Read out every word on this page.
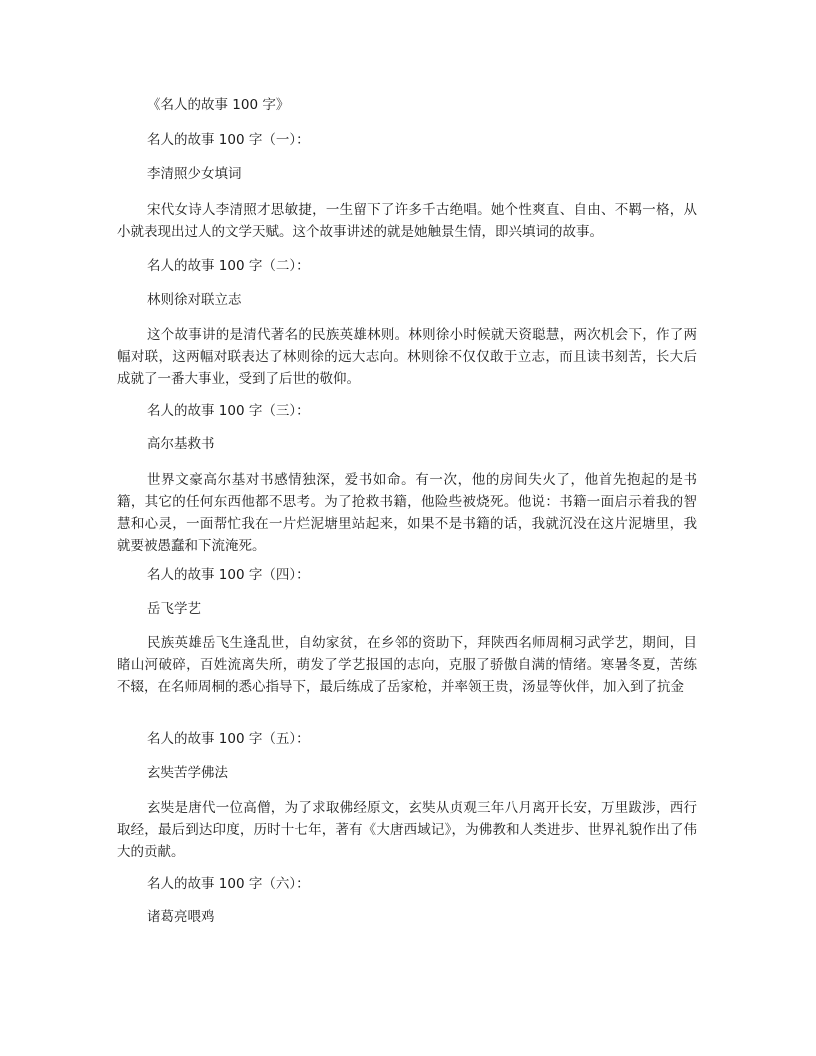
《名人的故事 100 字》
名人的故事 100 字（一）：
李清照少女填词
宋代女诗人李清照才思敏捷，一生留下了许多千古绝唱。她个性爽直、自由、不羁一格，从小就表现出过人的文学天赋。这个故事讲述的就是她触景生情，即兴填词的故事。
名人的故事 100 字（二）：
林则徐对联立志
这个故事讲的是清代著名的民族英雄林则。林则徐小时候就天资聪慧，两次机会下，作了两幅对联，这两幅对联表达了林则徐的远大志向。林则徐不仅仅敢于立志，而且读书刻苦，长大后成就了一番大事业，受到了后世的敬仰。
名人的故事 100 字（三）：
高尔基救书
世界文豪高尔基对书感情独深，爱书如命。有一次，他的房间失火了，他首先抱起的是书籍，其它的任何东西他都不思考。为了抢救书籍，他险些被烧死。他说：书籍一面启示着我的智慧和心灵，一面帮忙我在一片烂泥塘里站起来，如果不是书籍的话，我就沉没在这片泥塘里，我就要被愚蠢和下流淹死。
名人的故事 100 字（四）：
岳飞学艺
民族英雄岳飞生逢乱世，自幼家贫，在乡邻的资助下，拜陕西名师周桐习武学艺，期间，目睹山河破碎，百姓流离失所，萌发了学艺报国的志向，克服了骄傲自满的情绪。寒暑冬夏，苦练不辍，在名师周桐的悉心指导下，最后练成了岳家枪，并率领王贵，汤显等伙伴，加入到了抗金
名人的故事 100 字（五）：
玄奘苦学佛法
玄奘是唐代一位高僧，为了求取佛经原文，玄奘从贞观三年八月离开长安，万里跋涉，西行取经，最后到达印度，历时十七年，著有《大唐西域记》，为佛教和人类进步、世界礼貌作出了伟大的贡献。
名人的故事 100 字（六）：
诸葛亮喂鸡
